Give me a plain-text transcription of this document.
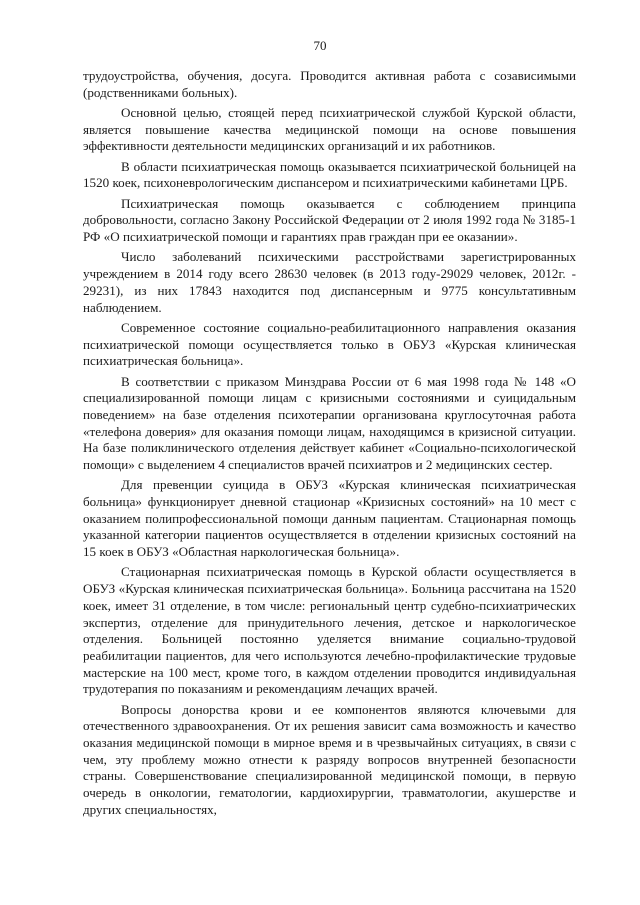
70

трудоустройства, обучения, досуга. Проводится активная работа с созависимыми (родственниками больных).

Основной целью, стоящей перед психиатрической службой Курской области, является повышение качества медицинской помощи на основе повышения эффективности деятельности медицинских организаций и их работников.

В области психиатрическая помощь оказывается психиатрической больницей на 1520 коек, психоневрологическим диспансером и психиатрическими кабинетами ЦРБ.

Психиатрическая помощь оказывается с соблюдением принципа добровольности, согласно Закону Российской Федерации от 2 июля 1992 года № 3185-1 РФ «О психиатрической помощи и гарантиях прав граждан при ее оказании».

Число заболеваний психическими расстройствами зарегистрированных учреждением в 2014 году всего 28630 человек (в 2013 году-29029 человек, 2012г. - 29231), из них 17843 находится под диспансерным и 9775 консультативным наблюдением.

Современное состояние социально-реабилитационного направления оказания психиатрической помощи осуществляется только в ОБУЗ «Курская клиническая психиатрическая больница».

В соответствии с приказом Минздрава России от 6 мая 1998 года № 148 «О специализированной помощи лицам с кризисными состояниями и суицидальным поведением» на базе отделения психотерапии организована круглосуточная работа «телефона доверия» для оказания помощи лицам, находящимся в кризисной ситуации. На базе поликлинического отделения действует кабинет «Социально-психологической помощи» с выделением 4 специалистов врачей психиатров и 2 медицинских сестер.

Для превенции суицида в ОБУЗ «Курская клиническая психиатрическая больница» функционирует дневной стационар «Кризисных состояний» на 10 мест с оказанием полипрофессиональной помощи данным пациентам. Стационарная помощь указанной категории пациентов осуществляется в отделении кризисных состояний на 15 коек в ОБУЗ «Областная наркологическая больница».

Стационарная психиатрическая помощь в Курской области осуществляется в ОБУЗ «Курская клиническая психиатрическая больница». Больница рассчитана на 1520 коек, имеет 31 отделение, в том числе: региональный центр судебно-психиатрических экспертиз, отделение для принудительного лечения, детское и наркологическое отделения. Больницей постоянно уделяется внимание социально-трудовой реабилитации пациентов, для чего используются лечебно-профилактические трудовые мастерские на 100 мест, кроме того, в каждом отделении проводится индивидуальная трудотерапия по показаниям и рекомендациям лечащих врачей.

Вопросы донорства крови и ее компонентов являются ключевыми для отечественного здравоохранения. От их решения зависит сама возможность и качество оказания медицинской помощи в мирное время и в чрезвычайных ситуациях, в связи с чем, эту проблему можно отнести к разряду вопросов внутренней безопасности страны. Совершенствование специализированной медицинской помощи, в первую очередь в онкологии, гематологии, кардиохирургии, травматологии, акушерстве и других специальностях,
